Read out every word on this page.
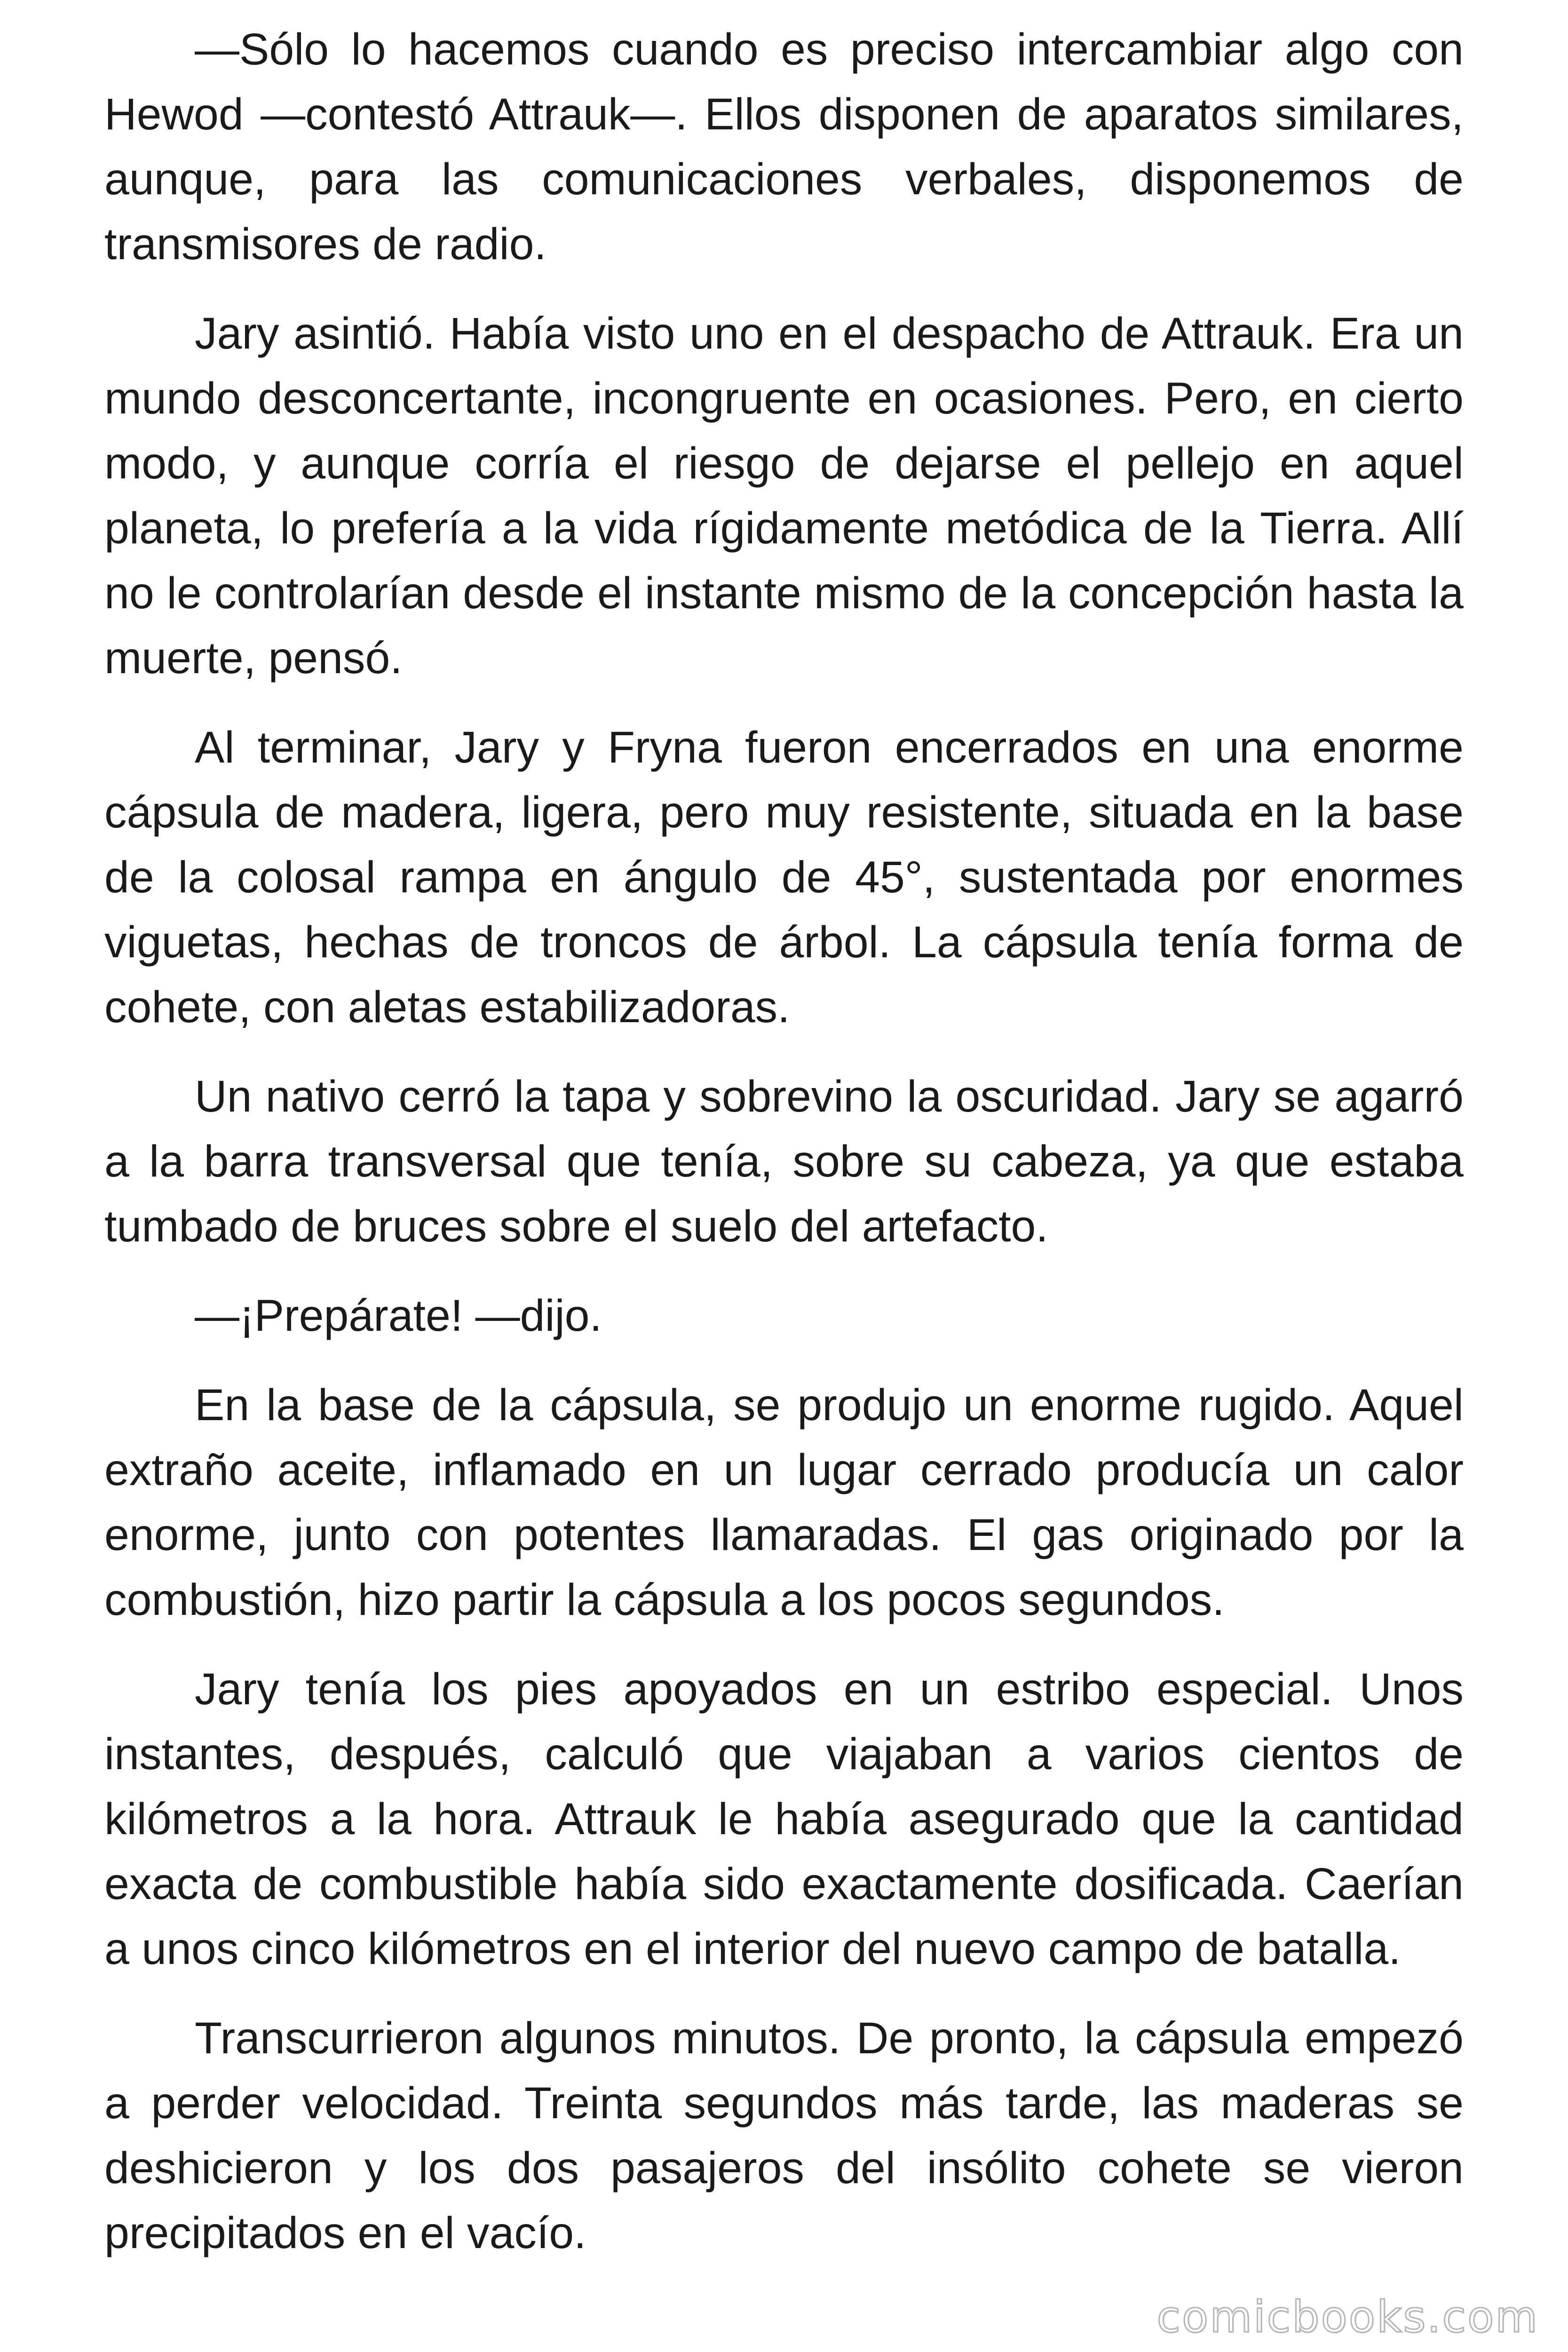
—Sólo lo hacemos cuando es preciso intercambiar algo con Hewod —contestó Attrauk—. Ellos disponen de aparatos similares, aunque, para las comunicaciones verbales, disponemos de transmisores de radio.

Jary asintió. Había visto uno en el despacho de Attrauk. Era un mundo desconcertante, incongruente en ocasiones. Pero, en cierto modo, y aunque corría el riesgo de dejarse el pellejo en aquel planeta, lo prefería a la vida rígidamente metódica de la Tierra. Allí no le controlarían desde el instante mismo de la concepción hasta la muerte, pensó.

Al terminar, Jary y Fryna fueron encerrados en una enorme cápsula de madera, ligera, pero muy resistente, situada en la base de la colosal rampa en ángulo de 45°, sustentada por enormes viguetas, hechas de troncos de árbol. La cápsula tenía forma de cohete, con aletas estabilizadoras.

Un nativo cerró la tapa y sobrevino la oscuridad. Jary se agarró a la barra transversal que tenía, sobre su cabeza, ya que estaba tumbado de bruces sobre el suelo del artefacto.

—¡Prepárate! —dijo.

En la base de la cápsula, se produjo un enorme rugido. Aquel extraño aceite, inflamado en un lugar cerrado producía un calor enorme, junto con potentes llamaradas. El gas originado por la combustión, hizo partir la cápsula a los pocos segundos.

Jary tenía los pies apoyados en un estribo especial. Unos instantes, después, calculó que viajaban a varios cientos de kilómetros a la hora. Attrauk le había asegurado que la cantidad exacta de combustible había sido exactamente dosificada. Caerían a unos cinco kilómetros en el interior del nuevo campo de batalla.

Transcurrieron algunos minutos. De pronto, la cápsula empezó a perder velocidad. Treinta segundos más tarde, las maderas se deshicieron y los dos pasajeros del insólito cohete se vieron precipitados en el vacío.

comicbooks.com
